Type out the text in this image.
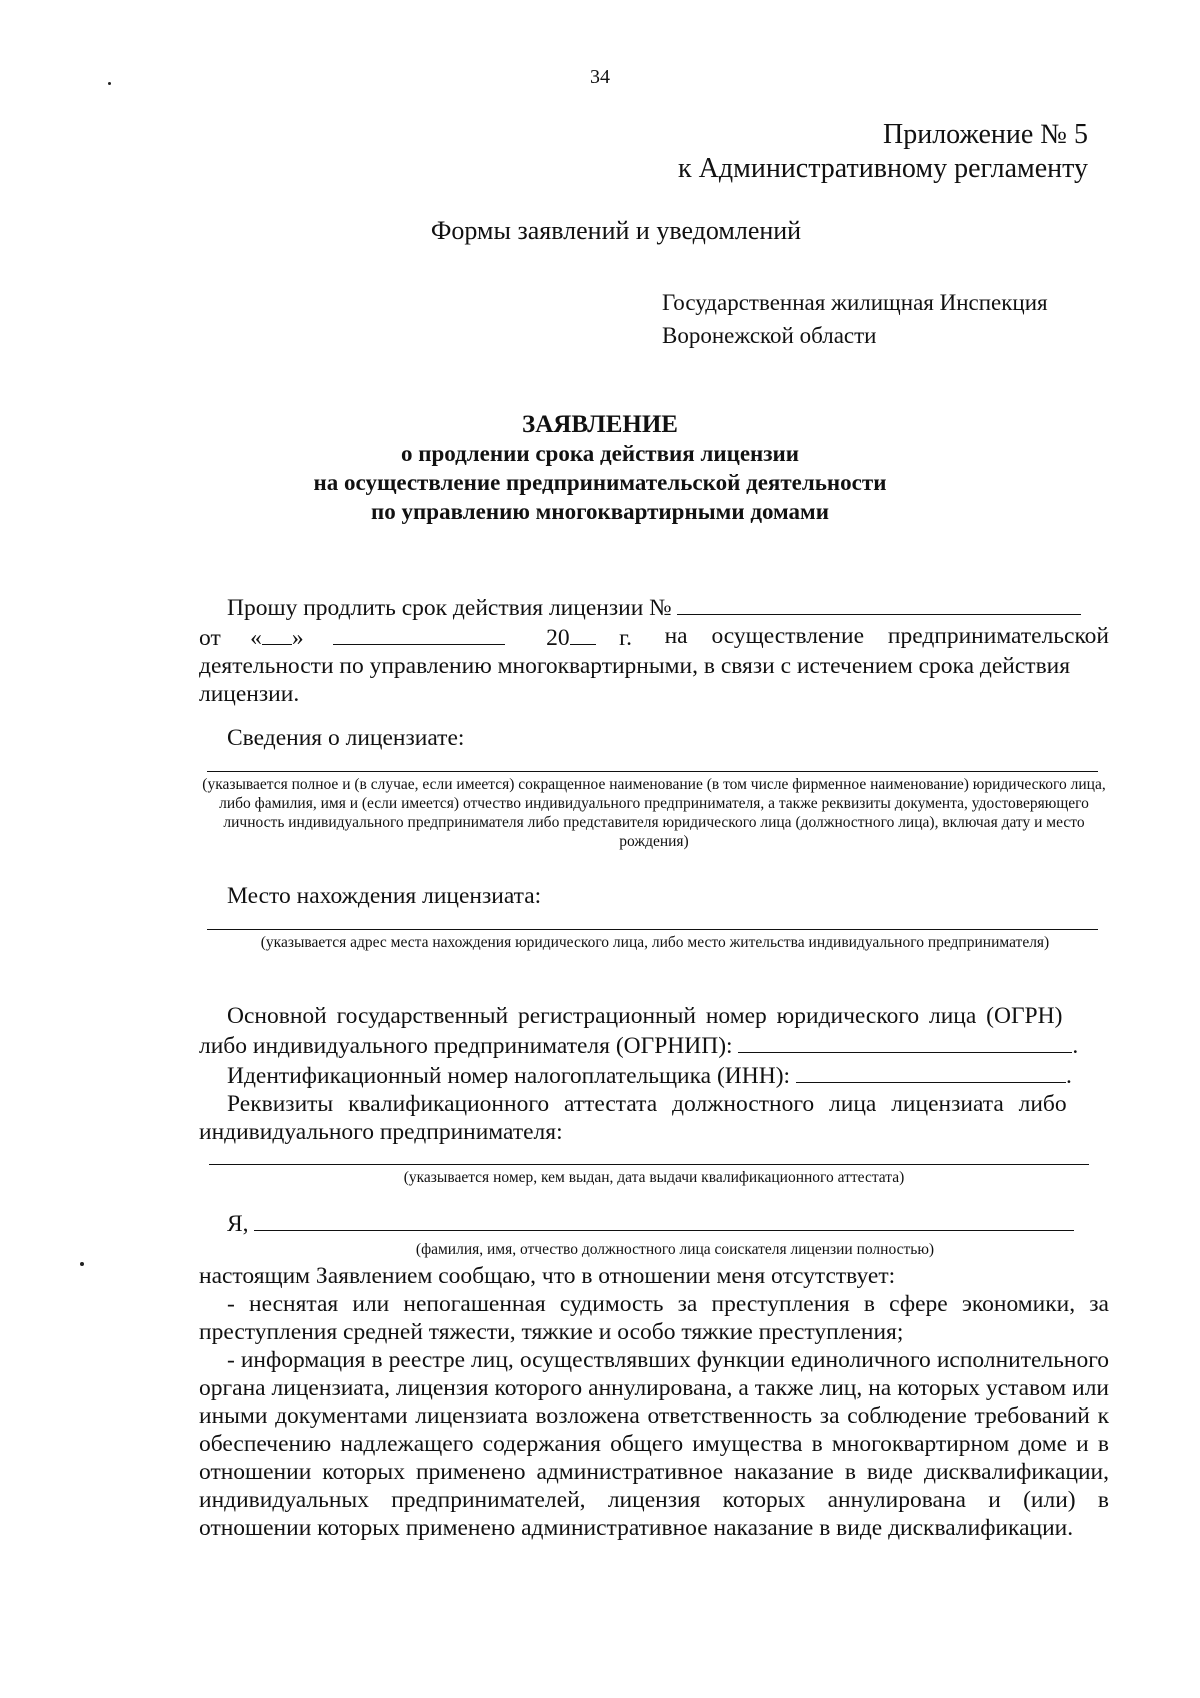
34
Приложение № 5
к Административному регламенту
Формы заявлений и уведомлений
Государственная жилищная Инспекция
Воронежской области
ЗАЯВЛЕНИЕ
о продлении срока действия лицензии
на осуществление предпринимательской деятельности
по управлению многоквартирными домами
Прошу продлить срок действия лицензии №
от « »	20 г. на осуществление предпринимательской
деятельности по управлению многоквартирными, в связи с истечением срока действия
лицензии.
Сведения о лицензиате:
(указывается полное и (в случае, если имеется) сокращенное наименование (в том числе фирменное наименование) юридического лица, либо фамилия, имя и (если имеется) отчество индивидуального предпринимателя, а также реквизиты документа, удостоверяющего личность индивидуального предпринимателя либо представителя юридического лица (должностного лица), включая дату и место рождения)
Место нахождения лицензиата:
(указывается адрес места нахождения юридического лица, либо место жительства индивидуального предпринимателя)
Основной государственный регистрационный номер юридического лица (ОГРН)
либо индивидуального предпринимателя (ОГРНИП):	.
Идентификационный номер налогоплательщика (ИНН):	.
Реквизиты квалификационного аттестата должностного лица лицензиата либо
индивидуального предпринимателя:
(указывается номер, кем выдан, дата выдачи квалификационного аттестата)
Я,
(фамилия, имя, отчество должностного лица соискателя лицензии полностью)
настоящим Заявлением сообщаю, что в отношении меня отсутствует:
- неснятая или непогашенная судимость за преступления в сфере экономики, за преступления средней тяжести, тяжкие и особо тяжкие преступления;
- информация в реестре лиц, осуществлявших функции единоличного исполнительного органа лицензиата, лицензия которого аннулирована, а также лиц, на которых уставом или иными документами лицензиата возложена ответственность за соблюдение требований к обеспечению надлежащего содержания общего имущества в многоквартирном доме и в отношении которых применено административное наказание в виде дисквалификации, индивидуальных предпринимателей, лицензия которых аннулирована и (или) в отношении которых применено административное наказание в виде дисквалификации.
